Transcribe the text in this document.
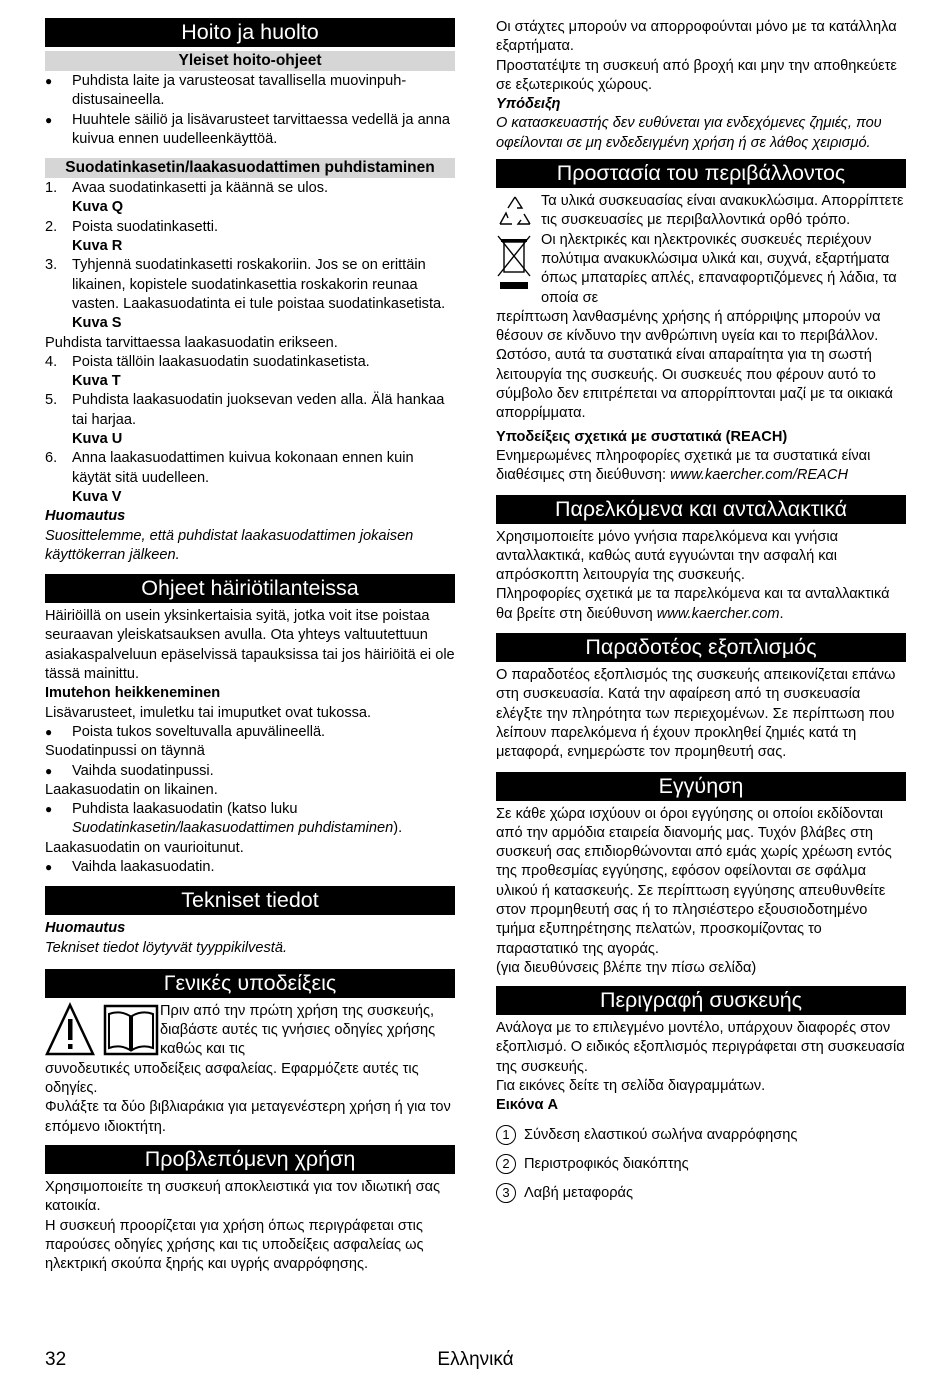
Hoito ja huolto
Yleiset hoito-ohjeet

● Puhdista laite ja varusteosat tavallisella muovinpuh-distusaineella.

● Huuhtele säiliö ja lisävarusteet tarvittaessa vedellä ja anna kuivua ennen uudelleenkäyttöä.

Suodatinkasetin/laakasuodattimen puhdistaminen

1. Avaa suodatinkasetti ja käännä se ulos.

Kuva Q

2. Poista suodatinkasetti.

Kuva R

3. Tyhjennä suodatinkasetti roskakoriin. Jos se on erittäin likainen, kopistele suodatinkasettia roskakorin reunaa vasten. Laakasuodatinta ei tule poistaa suodatinkasetista.

Kuva S

Puhdista tarvittaessa laakasuodatin erikseen.

4. Poista tällöin laakasuodatin suodatinkasetista.

Kuva T

5. Puhdista laakasuodatin juoksevan veden alla. Älä hankaa tai harjaa.

Kuva U

6. Anna laakasuodattimen kuivua kokonaan ennen kuin käytät sitä uudelleen.

Kuva V

Huomautus

Suosittelemme, että puhdistat laakasuodattimen jokaisen käyttökerran jälkeen.

Ohjeet häiriötilanteissa

Häiriöillä on usein yksinkertaisia syitä, jotka voit itse poistaa seuraavan yleiskatsauksen avulla. Ota yhteys valtuutettuun asiakaspalveluun epäselvissä tapauksissa tai jos häiriöitä ei ole tässä mainittu.

Imutehon heikkeneminen

Lisävarusteet, imuletku tai imuputket ovat tukossa.

● Poista tukos soveltuvalla apuvälineellä.

Suodatinpussi on täynnä

● Vaihda suodatinpussi.

Laakasuodatin on likainen.

● Puhdista laakasuodatin (katso luku Suodatinkasetin/laakasuodattimen puhdistaminen).

Laakasuodatin on vaurioitunut.

● Vaihda laakasuodatin.

Tekniset tiedot

Huomautus

Tekniset tiedot löytyvät tyyppikilvestä.

Γενικές υποδείξεις

Πριν από την πρώτη χρήση της συσκευής, διαβάστε αυτές τις γνήσιες οδηγίες χρήσης καθώς και τις

συνοδευτικές υποδείξεις ασφαλείας. Εφαρμόζετε αυτές τις οδηγίες.

Φυλάξτε τα δύο βιβλιαράκια για μεταγενέστερη χρήση ή για τον επόμενο ιδιοκτήτη.

Προβλεπόμενη χρήση

Χρησιμοποιείτε τη συσκευή αποκλειστικά για τον ιδιωτική σας κατοικία.

Η συσκευή προορίζεται για χρήση όπως περιγράφεται στις παρούσες οδηγίες χρήσης και τις υποδείξεις ασφαλείας ως ηλεκτρική σκούπα ξηρής και υγρής αναρρόφησης.

Οι στάχτες μπορούν να απορροφούνται μόνο με τα κατάλληλα εξαρτήματα.

Προστατέψτε τη συσκευή από βροχή και μην την αποθηκεύετε σε εξωτερικούς χώρους.

Υπόδειξη

Ο κατασκευαστής δεν ευθύνεται για ενδεχόμενες ζημιές, που οφείλονται σε μη ενδεδειγμένη χρήση ή σε λάθος χειρισμό.

Προστασία του περιβάλλοντος

Τα υλικά συσκευασίας είναι ανακυκλώσιμα. Απορρίπτετε τις συσκευασίες με περιβαλλοντικά ορθό τρόπο.

Οι ηλεκτρικές και ηλεκτρονικές συσκευές περιέχουν πολύτιμα ανακυκλώσιμα υλικά και, συχνά, εξαρτήματα όπως μπαταρίες απλές, επαναφορτιζόμενες ή λάδια, τα οποία σε

περίπτωση λανθασμένης χρήσης ή απόρριψης μπορούν να θέσουν σε κίνδυνο την ανθρώπινη υγεία και το περιβάλλον. Ωστόσο, αυτά τα συστατικά είναι απαραίτητα για τη σωστή λειτουργία της συσκευής. Οι συσκευές που φέρουν αυτό το σύμβολο δεν επιτρέπεται να απορρίπτονται μαζί με τα οικιακά απορρίμματα.

Υποδείξεις σχετικά με συστατικά (REACH)

Ενημερωμένες πληροφορίες σχετικά με τα συστατικά είναι διαθέσιμες στη διεύθυνση: www.kaercher.com/REACH

Παρελκόμενα και ανταλλακτικά

Χρησιμοποιείτε μόνο γνήσια παρελκόμενα και γνήσια ανταλλακτικά, καθώς αυτά εγγυώνται την ασφαλή και απρόσκοπτη λειτουργία της συσκευής.

Πληροφορίες σχετικά με τα παρελκόμενα και τα ανταλλακτικά θα βρείτε στη διεύθυνση www.kaercher.com.

Παραδοτέος εξοπλισμός

Ο παραδοτέος εξοπλισμός της συσκευής απεικονίζεται επάνω στη συσκευασία. Κατά την αφαίρεση από τη συσκευασία ελέγξτε την πληρότητα των περιεχομένων. Σε περίπτωση που λείπουν παρελκόμενα ή έχουν προκληθεί ζημιές κατά τη μεταφορά, ενημερώστε τον προμηθευτή σας.

Εγγύηση

Σε κάθε χώρα ισχύουν οι όροι εγγύησης οι οποίοι εκδίδονται από την αρμόδια εταιρεία διανομής μας. Τυχόν βλάβες στη συσκευή σας επιδιορθώνονται από εμάς χωρίς χρέωση εντός της προθεσμίας εγγύησης, εφόσον οφείλονται σε σφάλμα υλικού ή κατασκευής. Σε περίπτωση εγγύησης απευθυνθείτε στον προμηθευτή σας ή το πλησιέστερο εξουσιοδοτημένο τμήμα εξυπηρέτησης πελατών, προσκομίζοντας το παραστατικό της αγοράς.

(για διευθύνσεις βλέπε την πίσω σελίδα)

Περιγραφή συσκευής

Ανάλογα με το επιλεγμένο μοντέλο, υπάρχουν διαφορές στον εξοπλισμό. Ο ειδικός εξοπλισμός περιγράφεται στη συσκευασία της συσκευής.

Για εικόνες δείτε τη σελίδα διαγραμμάτων.

Εικόνα A

1 Σύνδεση ελαστικού σωλήνα αναρρόφησης
2 Περιστροφικός διακόπτης
3 Λαβή μεταφοράς
32	Ελληνικά
